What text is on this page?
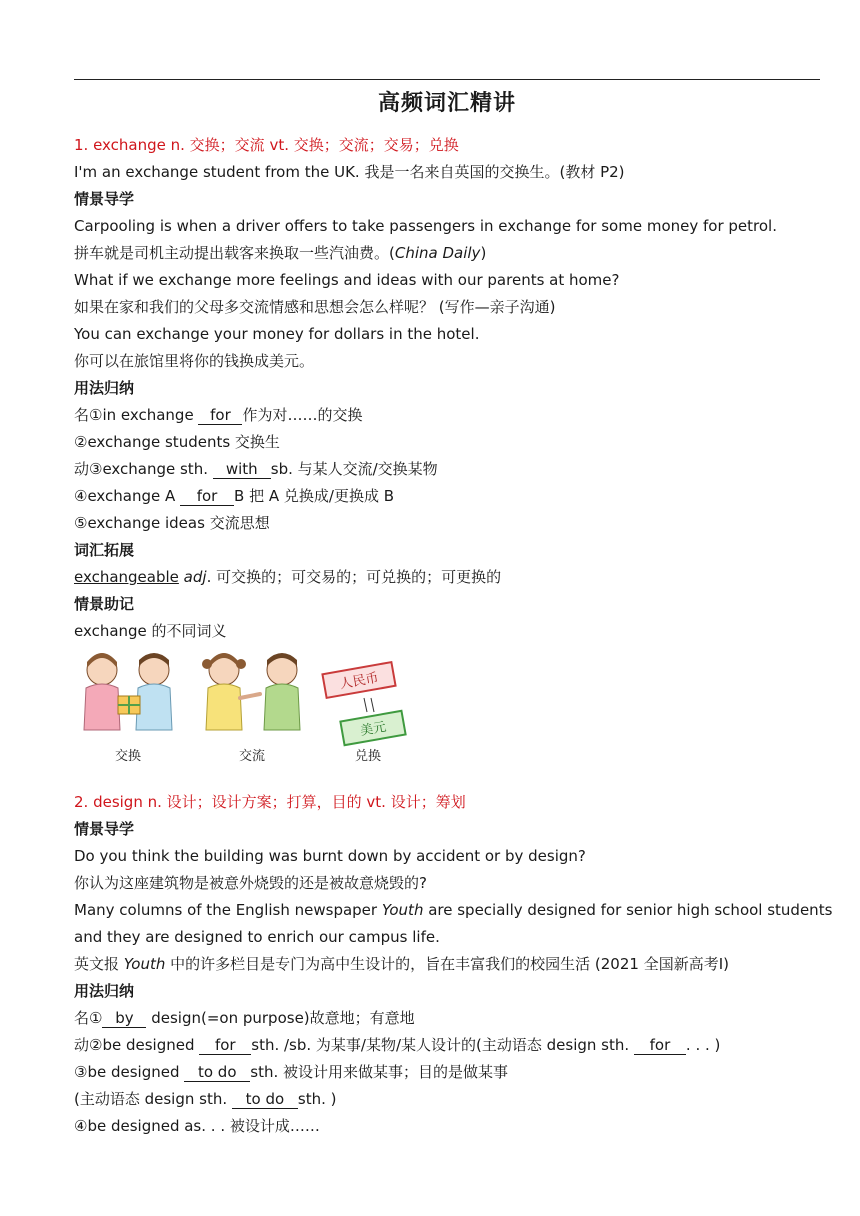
高频词汇精讲
1. exchange n. 交换；交流 vt. 交换；交流；交易；兑换
I'm an exchange student from the UK. 我是一名来自英国的交换生。(教材 P2)
情景导学
Carpooling is when a driver offers to take passengers in exchange for some money for petrol.
拼车就是司机主动提出载客来换取一些汽油费。(China Daily)
What if we exchange more feelings and ideas with our parents at home?
如果在家和我们的父母多交流情感和思想会怎么样呢？ (写作—亲子沟通)
You can exchange your money for dollars in the hotel.
你可以在旅馆里将你的钱换成美元。
用法归纳
名①in exchange for 作为对……的交换
②exchange students 交换生
动③exchange sth. with sb. 与某人交流/交换某物
④exchange A for B 把 A 兑换成/更换成 B
⑤exchange ideas 交流思想
词汇拓展
exchangeable adj. 可交换的；可交易的；可兑换的；可更换的
情景助记
exchange 的不同词义
人民币
美元
交换	交流	兑换
2. design n. 设计；设计方案；打算，目的 vt. 设计；筹划
情景导学
Do you think the building was burnt down by accident or by design?
你认为这座建筑物是被意外烧毁的还是被故意烧毁的?
Many columns of the English newspaper Youth are specially designed for senior high school students
and they are designed to enrich our campus life.
英文报 Youth 中的许多栏目是专门为高中生设计的，旨在丰富我们的校园生活 (2021 全国新高考I)
用法归纳
名① by design(=on purpose)故意地；有意地
动②be designed for sth. /sb. 为某事/某物/某人设计的(主动语态 design sth. for . . . )
③be designed to do sth. 被设计用来做某事；目的是做某事
(主动语态 design sth. to do sth. )
④be designed as. . . 被设计成……
